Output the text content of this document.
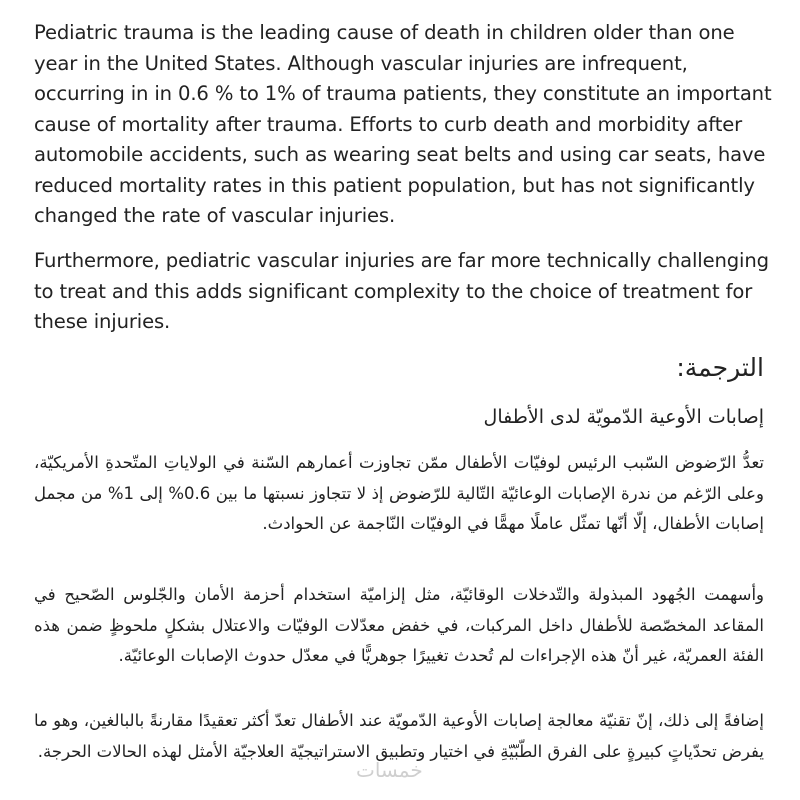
Pediatric trauma is the leading cause of death in children older than one year in the United States. Although vascular injuries are infrequent, occurring in in 0.6 % to 1% of trauma patients, they constitute an important cause of mortality after trauma. Efforts to curb death and morbidity after automobile accidents, such as wearing seat belts and using car seats, have reduced mortality rates in this patient population, but has not significantly changed the rate of vascular injuries.

Furthermore, pediatric vascular injuries are far more technically challenging to treat and this adds significant complexity to the choice of treatment for these injuries.

الترجمة:
إصابات الأوعية الدّمويّة لدى الأطفال

تعدُّ الرّضوض السّبب الرئيس لوفيّات الأطفال ممّن تجاوزت أعمارهم السّنة في الولاياتِ المتّحدةِ الأمريكيّة، وعلى الرّغم من ندرة الإصابات الوعائيّة التّالية للرّضوض إذ لا تتجاوز نسبتها ما بين 0.6% إلى 1% من مجمل إصابات الأطفال، إلّا أنّها تمثّل عاملًا مهمًّا في الوفيّات النّاجمة عن الحوادث.

وأسهمت الجُهود المبذولة والتّدخلات الوقائيّة، مثل إلزاميّة استخدام أحزمة الأمان والجّلوس الصّحيح في المقاعد المخصّصة للأطفال داخل المركبات، في خفض معدّلات الوفيّات والاعتلال بشكلٍ ملحوظٍ ضمن هذه الفئة العمريّة، غير أنّ هذه الإجراءات لم تُحدث تغييرًا جوهريًّا في معدّل حدوث الإصابات الوعائيّة.

إضافةً إلى ذلك، إنّ تقنيّة معالجة إصابات الأوعية الدّمويّة عند الأطفال تعدّ أكثر تعقيدًا مقارنةً بالبالغين، وهو ما يفرض تحدّياتٍ كبيرةٍ على الفرق الطّبّيّةِ في اختيار وتطبيق الاستراتيجيّة العلاجيّة الأمثل لهذه الحالات الحرجة.

خمسات
